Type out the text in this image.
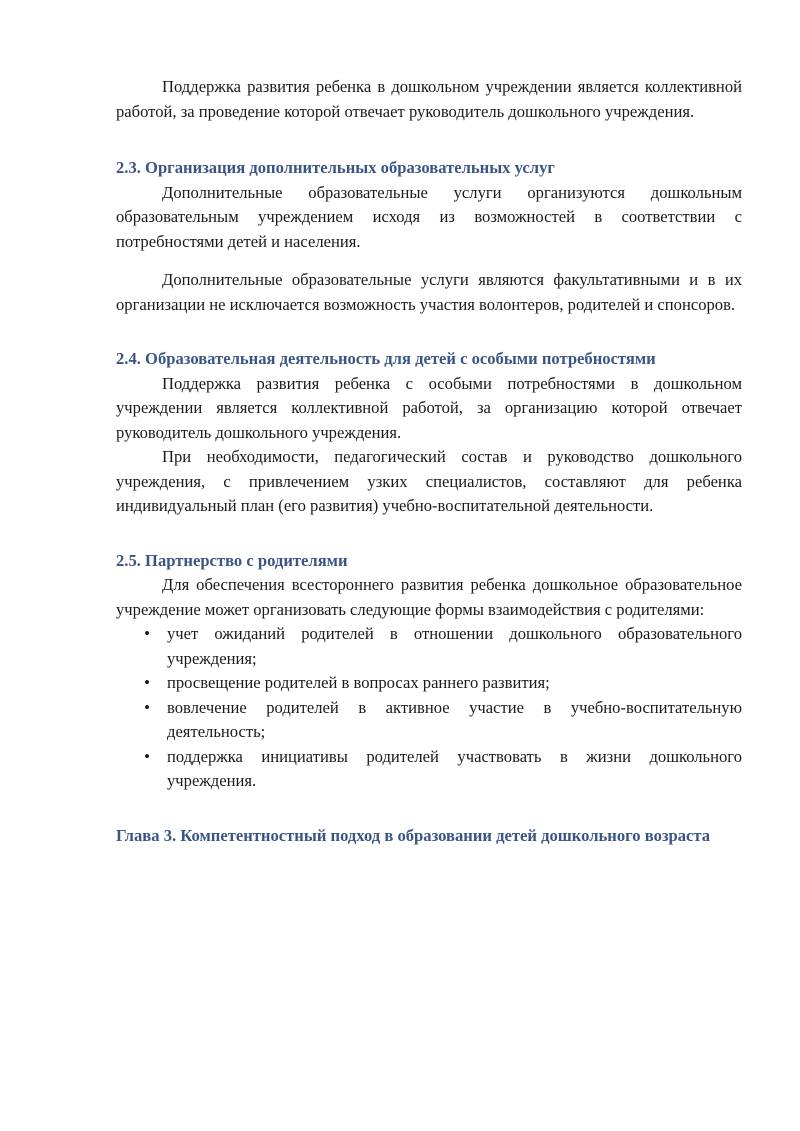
Поддержка развития ребенка в дошкольном учреждении является коллективной работой, за проведение которой отвечает руководитель дошкольного учреждения.

2.3. Организация дополнительных образовательных услуг

Дополнительные образовательные услуги организуются дошкольным образовательным учреждением исходя из возможностей в соответствии с потребностями детей и населения.

Дополнительные образовательные услуги являются факультативными и в их организации не исключается возможность участия волонтеров, родителей и спонсоров.

2.4. Образовательная деятельность для детей с особыми потребностями

Поддержка развития ребенка с особыми потребностями в дошкольном учреждении является коллективной работой, за организацию которой отвечает руководитель дошкольного учреждения.

При необходимости, педагогический состав и руководство дошкольного учреждения, с привлечением узких специалистов, составляют для ребенка индивидуальный план (его развития) учебно-воспитательной деятельности.

2.5. Партнерство с родителями

Для обеспечения всестороннего развития ребенка дошкольное образовательное учреждение может организовать следующие формы взаимодействия с родителями:

• учет ожиданий родителей в отношении дошкольного образовательного учреждения;
• просвещение родителей в вопросах раннего развития;
• вовлечение родителей в активное участие в учебно-воспитательную деятельность;
• поддержка инициативы родителей участвовать в жизни дошкольного учреждения.
Глава 3. Компетентностный подход в образовании детей дошкольного возраста
